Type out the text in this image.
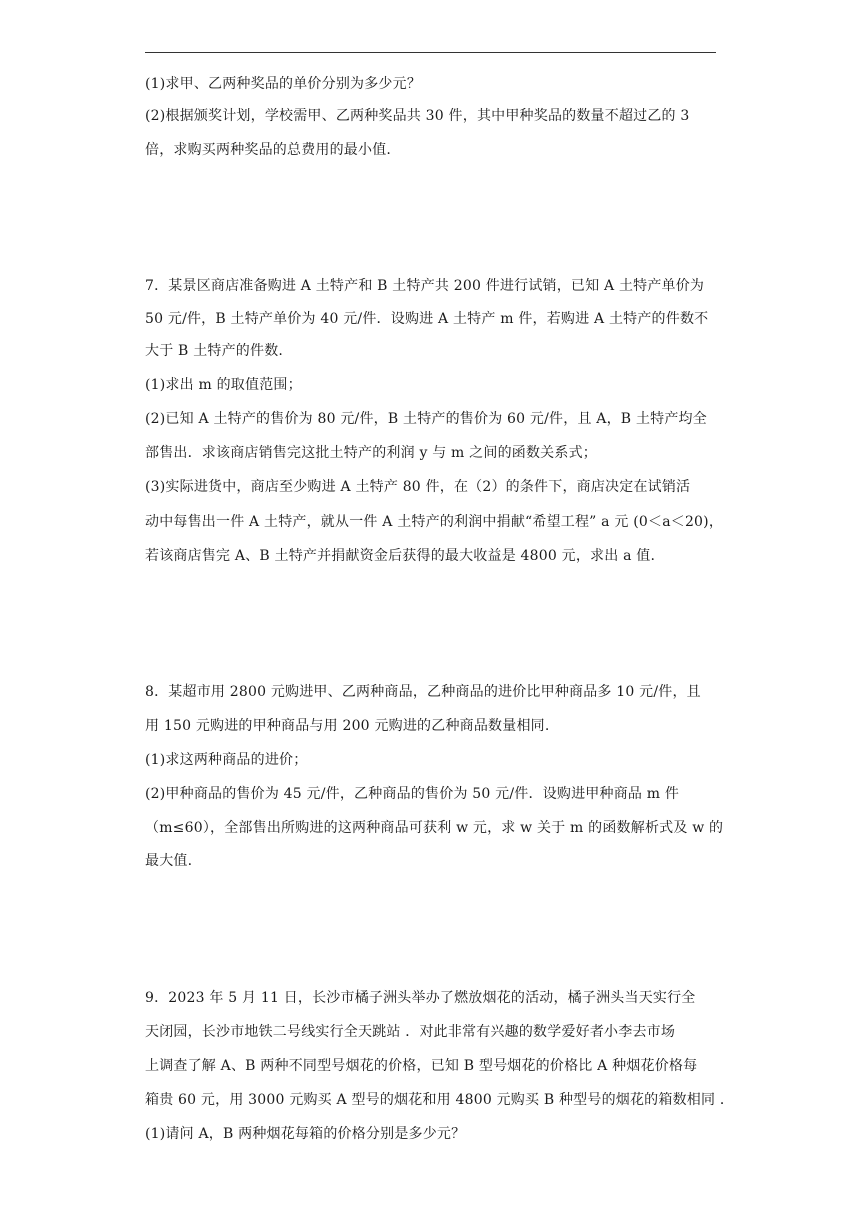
(1)求甲、乙两种奖品的单价分别为多少元？
(2)根据颁奖计划，学校需甲、乙两种奖品共 30 件，其中甲种奖品的数量不超过乙的 3
倍，求购买两种奖品的总费用的最小值.
7．某景区商店准备购进 A 土特产和 B 土特产共 200 件进行试销，已知 A 土特产单价为
50 元/件，B 土特产单价为 40 元/件．设购进 A 土特产 m 件，若购进 A 土特产的件数不
大于 B 土特产的件数.
(1)求出 m 的取值范围；
(2)已知 A 土特产的售价为 80 元/件，B 土特产的售价为 60 元/件，且 A，B 土特产均全
部售出．求该商店销售完这批土特产的利润 y 与 m 之间的函数关系式；
(3)实际进货中，商店至少购进 A 土特产 80 件，在（2）的条件下，商店决定在试销活
动中每售出一件 A 土特产，就从一件 A 土特产的利润中捐献“希望工程” a 元 (0＜a＜20)，
若该商店售完 A、B 土特产并捐献资金后获得的最大收益是 4800 元，求出 a 值.
8．某超市用 2800 元购进甲、乙两种商品，乙种商品的进价比甲种商品多 10 元/件，且
用 150 元购进的甲种商品与用 200 元购进的乙种商品数量相同.
(1)求这两种商品的进价；
(2)甲种商品的售价为 45 元/件，乙种商品的售价为 50 元/件．设购进甲种商品 m 件
（m≤60），全部售出所购进的这两种商品可获利 w 元，求 w 关于 m 的函数解析式及 w 的
最大值.
9．2023 年 5 月 11 日，长沙市橘子洲头举办了燃放烟花的活动，橘子洲头当天实行全
天闭园，长沙市地铁二号线实行全天跳站 ．对此非常有兴趣的数学爱好者小李去市场
上调查了解 A、B 两种不同型号烟花的价格，已知 B 型号烟花的价格比 A 种烟花价格每
箱贵 60 元，用 3000 元购买 A 型号的烟花和用 4800 元购买 B 种型号的烟花的箱数相同 ．
(1)请问 A，B 两种烟花每箱的价格分别是多少元？
